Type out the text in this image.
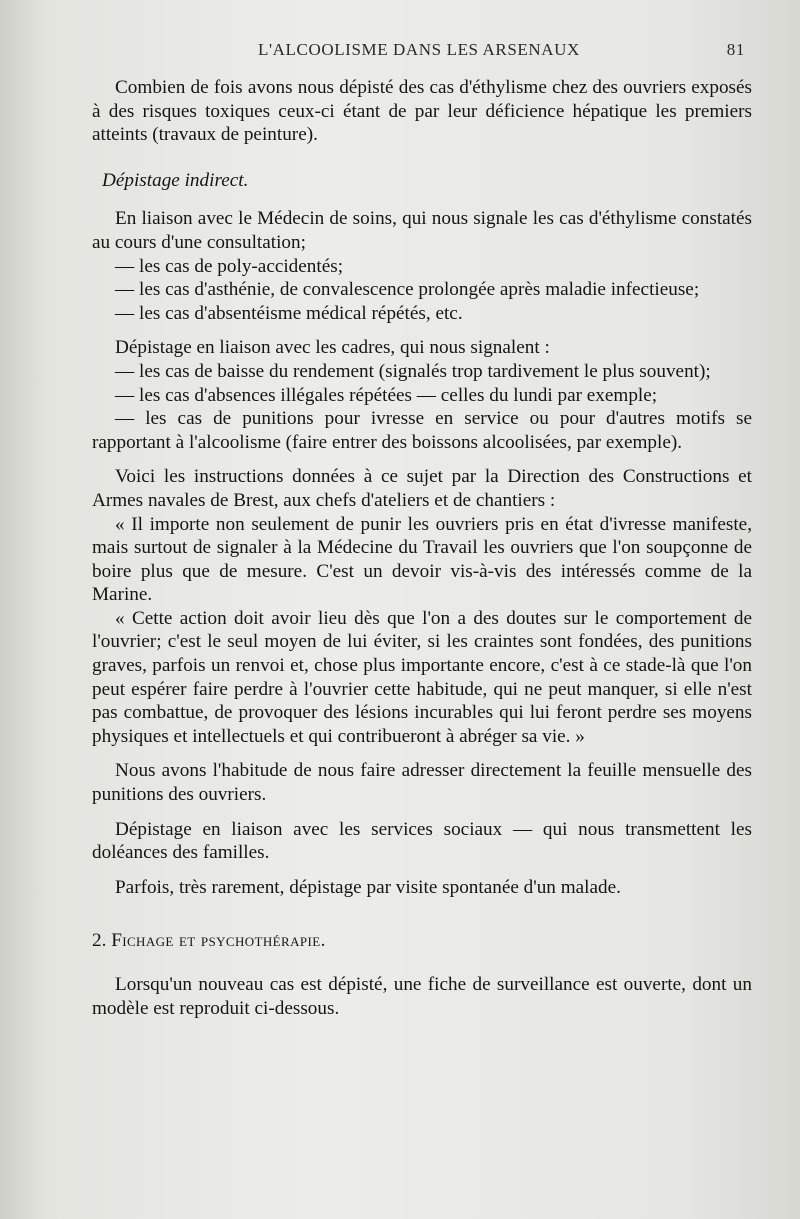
L'ALCOOLISME DANS LES ARSENAUX	81

Combien de fois avons nous dépisté des cas d'éthylisme chez des ouvriers exposés à des risques toxiques ceux-ci étant de par leur déficience hépatique les premiers atteints (travaux de peinture).

Dépistage indirect.

En liaison avec le Médecin de soins, qui nous signale les cas d'éthylisme constatés au cours d'une consultation;

— les cas de poly-accidentés;

— les cas d'asthénie, de convalescence prolongée après maladie infectieuse;

— les cas d'absentéisme médical répétés, etc.

Dépistage en liaison avec les cadres, qui nous signalent :

— les cas de baisse du rendement (signalés trop tardivement le plus souvent);

— les cas d'absences illégales répétées — celles du lundi par exemple;

— les cas de punitions pour ivresse en service ou pour d'autres motifs se rapportant à l'alcoolisme (faire entrer des boissons alcoolisées, par exemple).

Voici les instructions données à ce sujet par la Direction des Constructions et Armes navales de Brest, aux chefs d'ateliers et de chantiers :

« Il importe non seulement de punir les ouvriers pris en état d'ivresse manifeste, mais surtout de signaler à la Médecine du Travail les ouvriers que l'on soupçonne de boire plus que de mesure. C'est un devoir vis-à-vis des intéressés comme de la Marine.

« Cette action doit avoir lieu dès que l'on a des doutes sur le comportement de l'ouvrier; c'est le seul moyen de lui éviter, si les craintes sont fondées, des punitions graves, parfois un renvoi et, chose plus importante encore, c'est à ce stade-là que l'on peut espérer faire perdre à l'ouvrier cette habitude, qui ne peut manquer, si elle n'est pas combattue, de provoquer des lésions incurables qui lui feront perdre ses moyens physiques et intellectuels et qui contribueront à abréger sa vie. »

Nous avons l'habitude de nous faire adresser directement la feuille mensuelle des punitions des ouvriers.

Dépistage en liaison avec les services sociaux — qui nous transmettent les doléances des familles.

Parfois, très rarement, dépistage par visite spontanée d'un malade.

2. Fichage et psychothérapie.

Lorsqu'un nouveau cas est dépisté, une fiche de surveillance est ouverte, dont un modèle est reproduit ci-dessous.
